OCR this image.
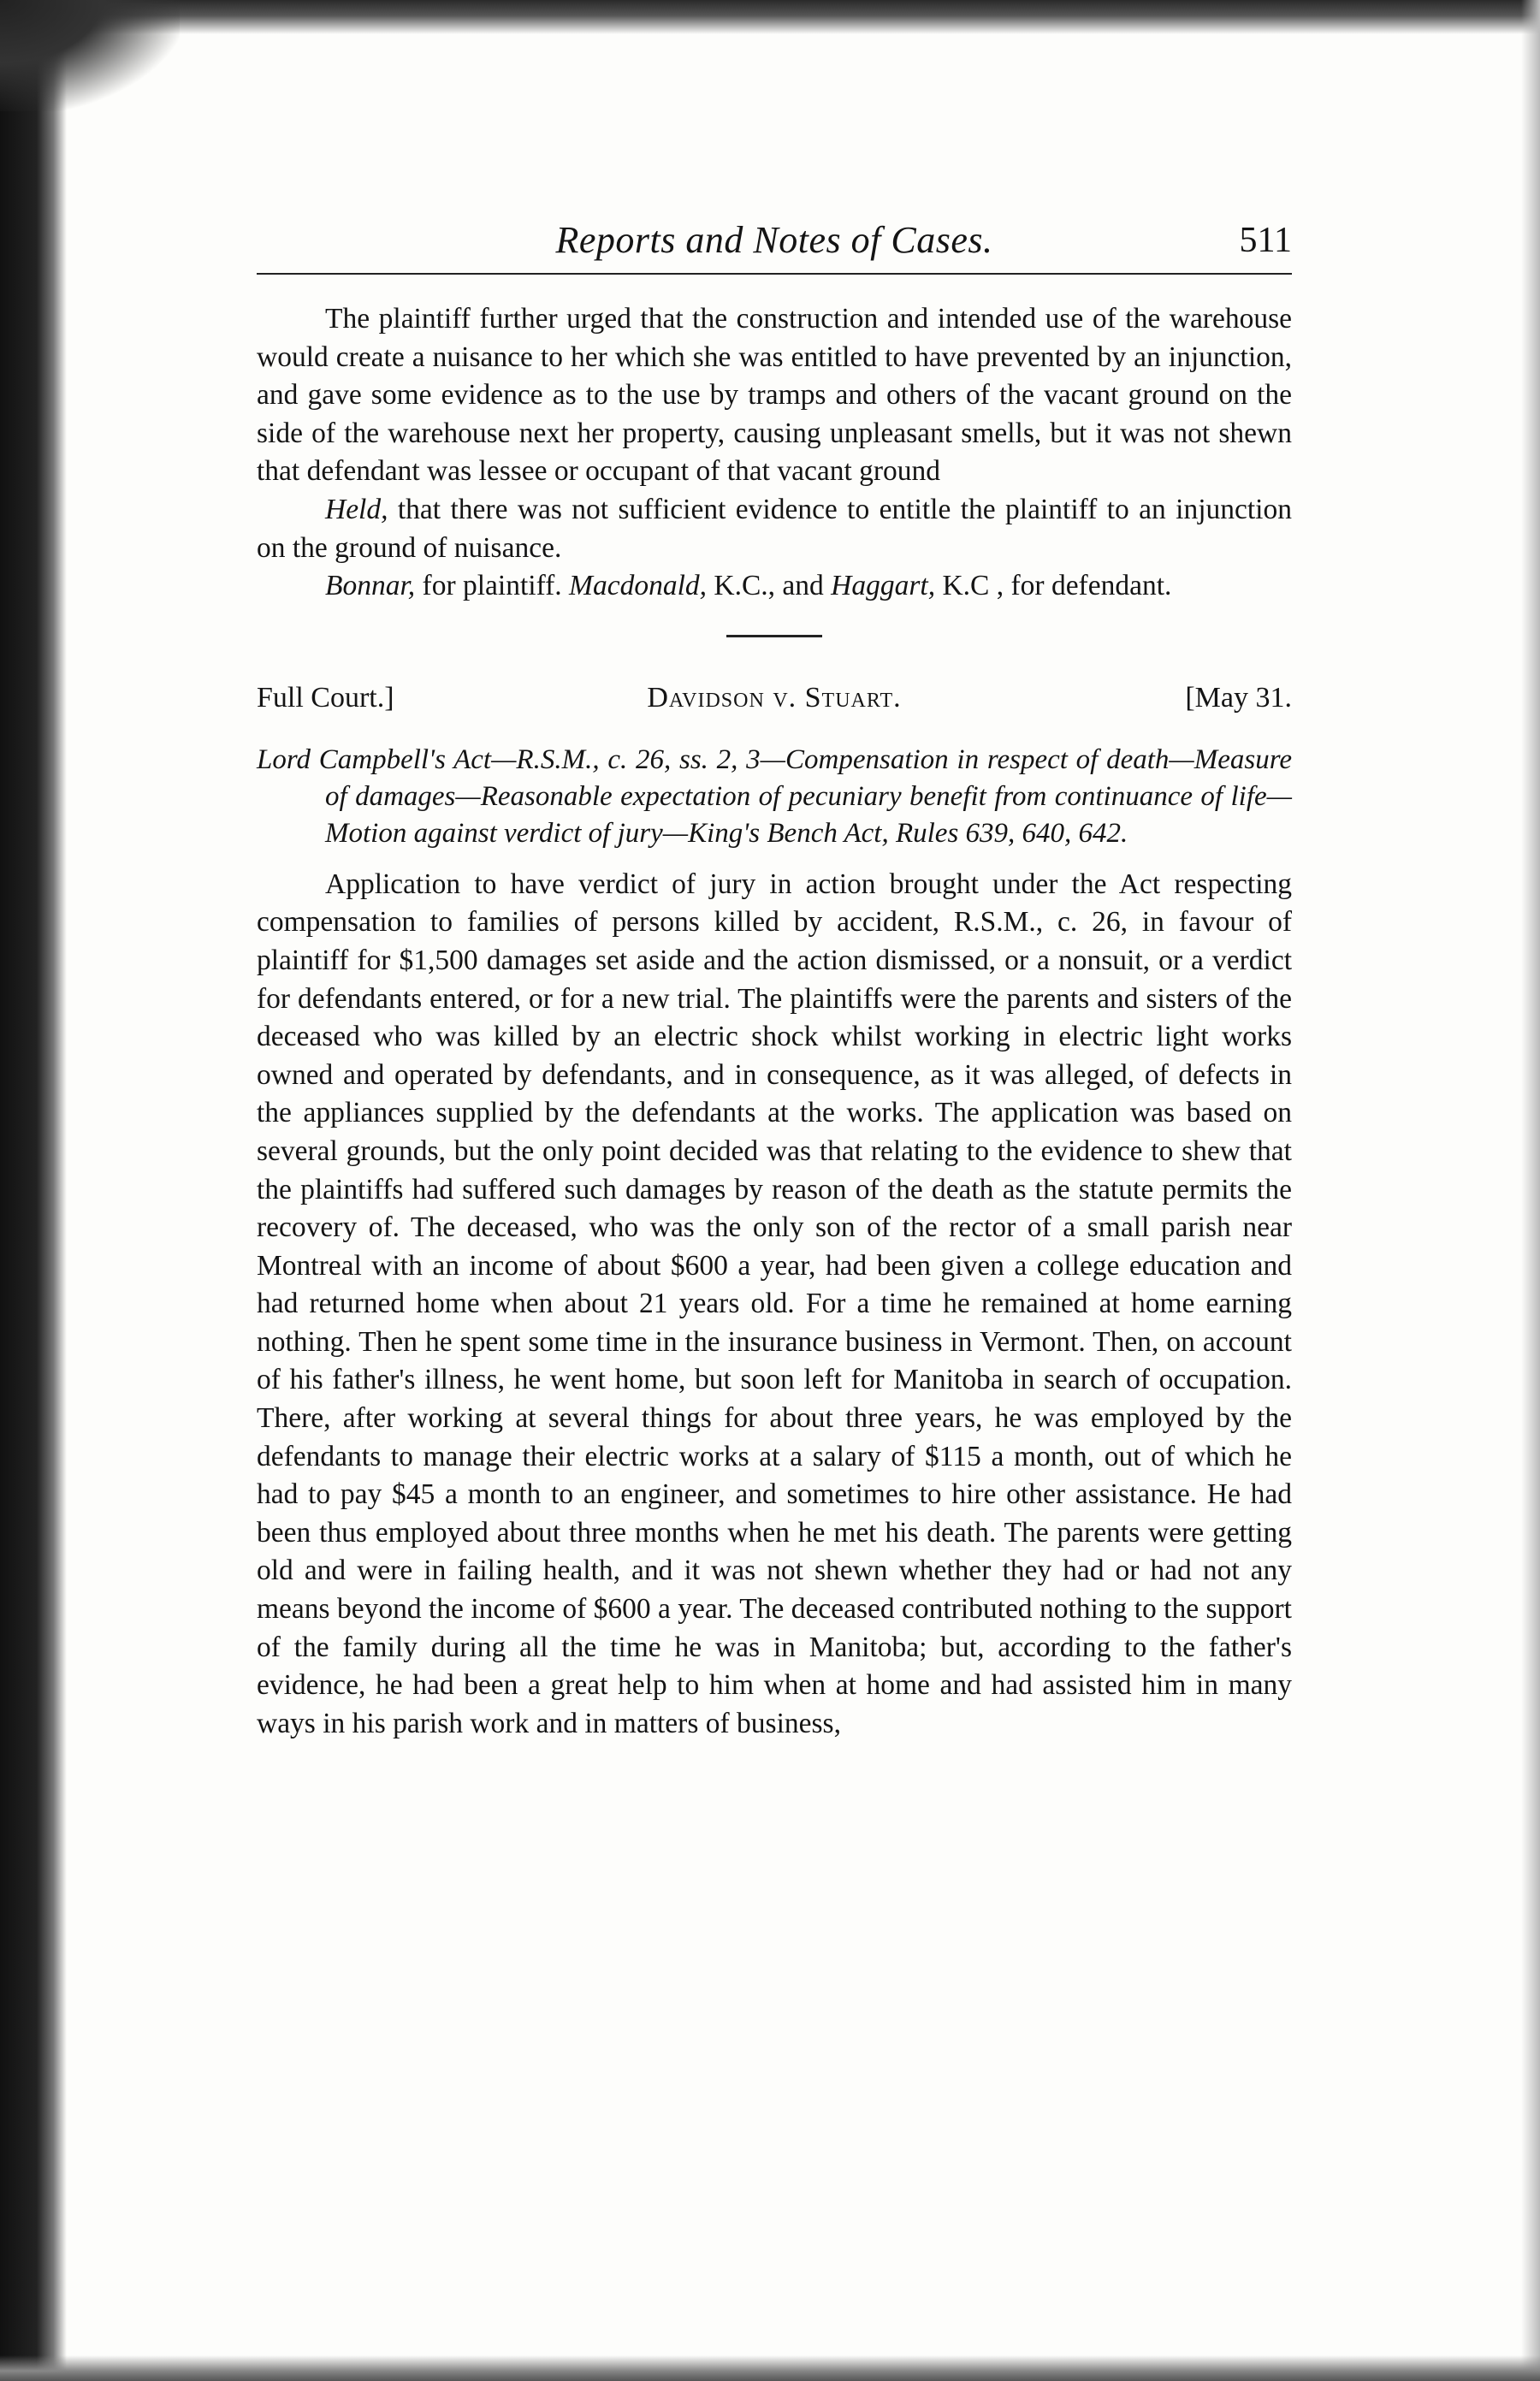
Reports and Notes of Cases.	511

The plaintiff further urged that the construction and intended use of the warehouse would create a nuisance to her which she was entitled to have prevented by an injunction, and gave some evidence as to the use by tramps and others of the vacant ground on the side of the warehouse next her property, causing unpleasant smells, but it was not shewn that defendant was lessee or occupant of that vacant ground

Held, that there was not sufficient evidence to entitle the plaintiff to an injunction on the ground of nuisance.

Bonnar, for plaintiff. Macdonald, K.C., and Haggart, K.C , for defendant.

Full Court.]	Davidson v. Stuart.	[May 31.

Lord Campbell's Act—R.S.M., c. 26, ss. 2, 3—Compensation in respect of death—Measure of damages—Reasonable expectation of pecuniary benefit from continuance of life—Motion against verdict of jury—King's Bench Act, Rules 639, 640, 642.

Application to have verdict of jury in action brought under the Act respecting compensation to families of persons killed by accident, R.S.M., c. 26, in favour of plaintiff for $1,500 damages set aside and the action dismissed, or a nonsuit, or a verdict for defendants entered, or for a new trial. The plaintiffs were the parents and sisters of the deceased who was killed by an electric shock whilst working in electric light works owned and operated by defendants, and in consequence, as it was alleged, of defects in the appliances supplied by the defendants at the works. The application was based on several grounds, but the only point decided was that relating to the evidence to shew that the plaintiffs had suffered such damages by reason of the death as the statute permits the recovery of. The deceased, who was the only son of the rector of a small parish near Montreal with an income of about $600 a year, had been given a college education and had returned home when about 21 years old. For a time he remained at home earning nothing. Then he spent some time in the insurance business in Vermont. Then, on account of his father's illness, he went home, but soon left for Manitoba in search of occupation. There, after working at several things for about three years, he was employed by the defendants to manage their electric works at a salary of $115 a month, out of which he had to pay $45 a month to an engineer, and sometimes to hire other assistance. He had been thus employed about three months when he met his death. The parents were getting old and were in failing health, and it was not shewn whether they had or had not any means beyond the income of $600 a year. The deceased contributed nothing to the support of the family during all the time he was in Manitoba; but, according to the father's evidence, he had been a great help to him when at home and had assisted him in many ways in his parish work and in matters of business,
